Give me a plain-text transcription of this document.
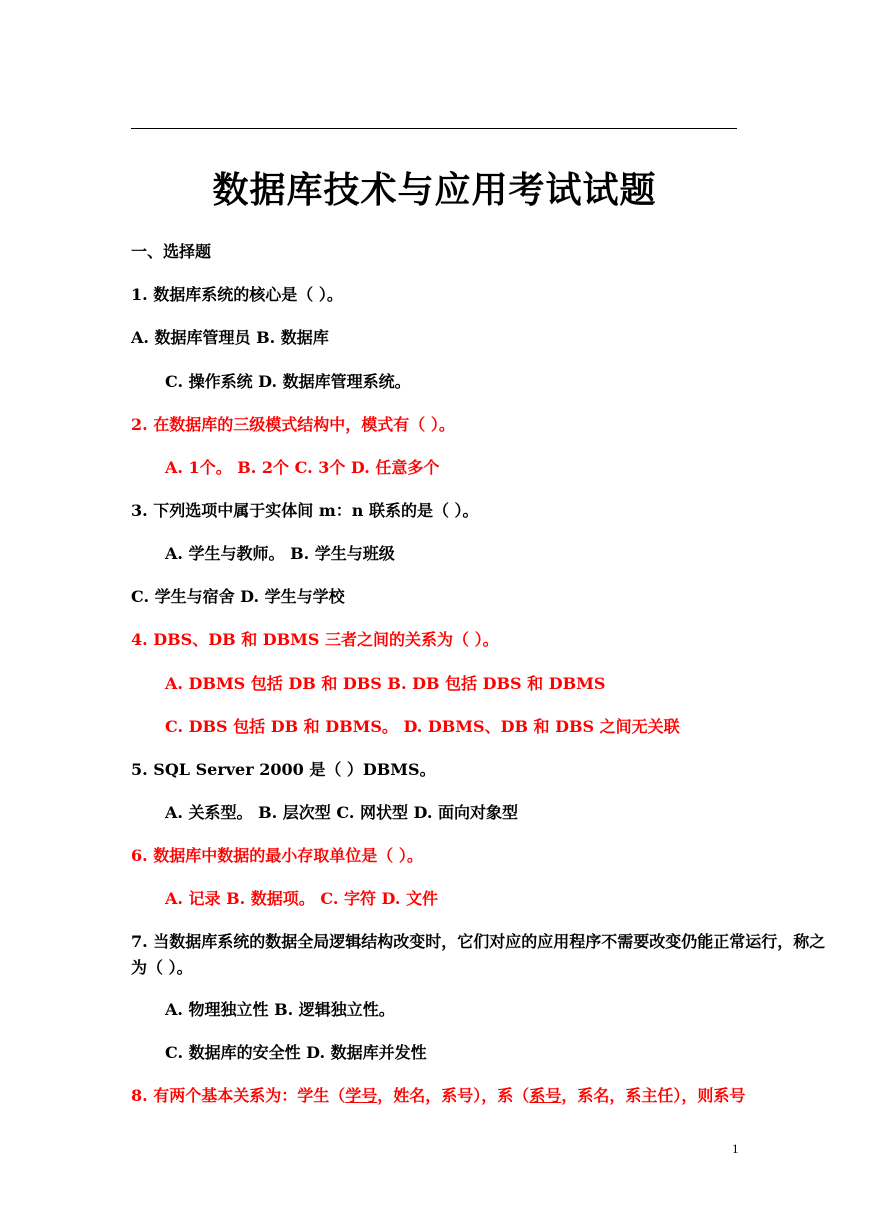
数据库技术与应用考试试题
一、选择题
1. 数据库系统的核心是（ ）。
A. 数据库管理员 B. 数据库
C. 操作系统 D. 数据库管理系统。
2. 在数据库的三级模式结构中，模式有（ ）。
A. 1个。 B. 2个 C. 3个 D. 任意多个
3. 下列选项中属于实体间 m：n 联系的是（ ）。
A. 学生与教师。 B. 学生与班级
C. 学生与宿舍 D. 学生与学校
4. DBS、DB 和 DBMS 三者之间的关系为（ ）。
A. DBMS 包括 DB 和 DBS B. DB 包括 DBS 和 DBMS
C. DBS 包括 DB 和 DBMS。 D. DBMS、DB 和 DBS 之间无关联
5. SQL Server 2000 是（ ）DBMS。
A. 关系型。 B. 层次型 C. 网状型 D. 面向对象型
6. 数据库中数据的最小存取单位是（ ）。
A. 记录 B. 数据项。 C. 字符 D. 文件
7. 当数据库系统的数据全局逻辑结构改变时，它们对应的应用程序不需要改变仍能正常运行，称之为（ ）。
A. 物理独立性 B. 逻辑独立性。
C. 数据库的安全性 D. 数据库并发性
8. 有两个基本关系为：学生（学号，姓名，系号），系（系号，系名，系主任），则系号
1
